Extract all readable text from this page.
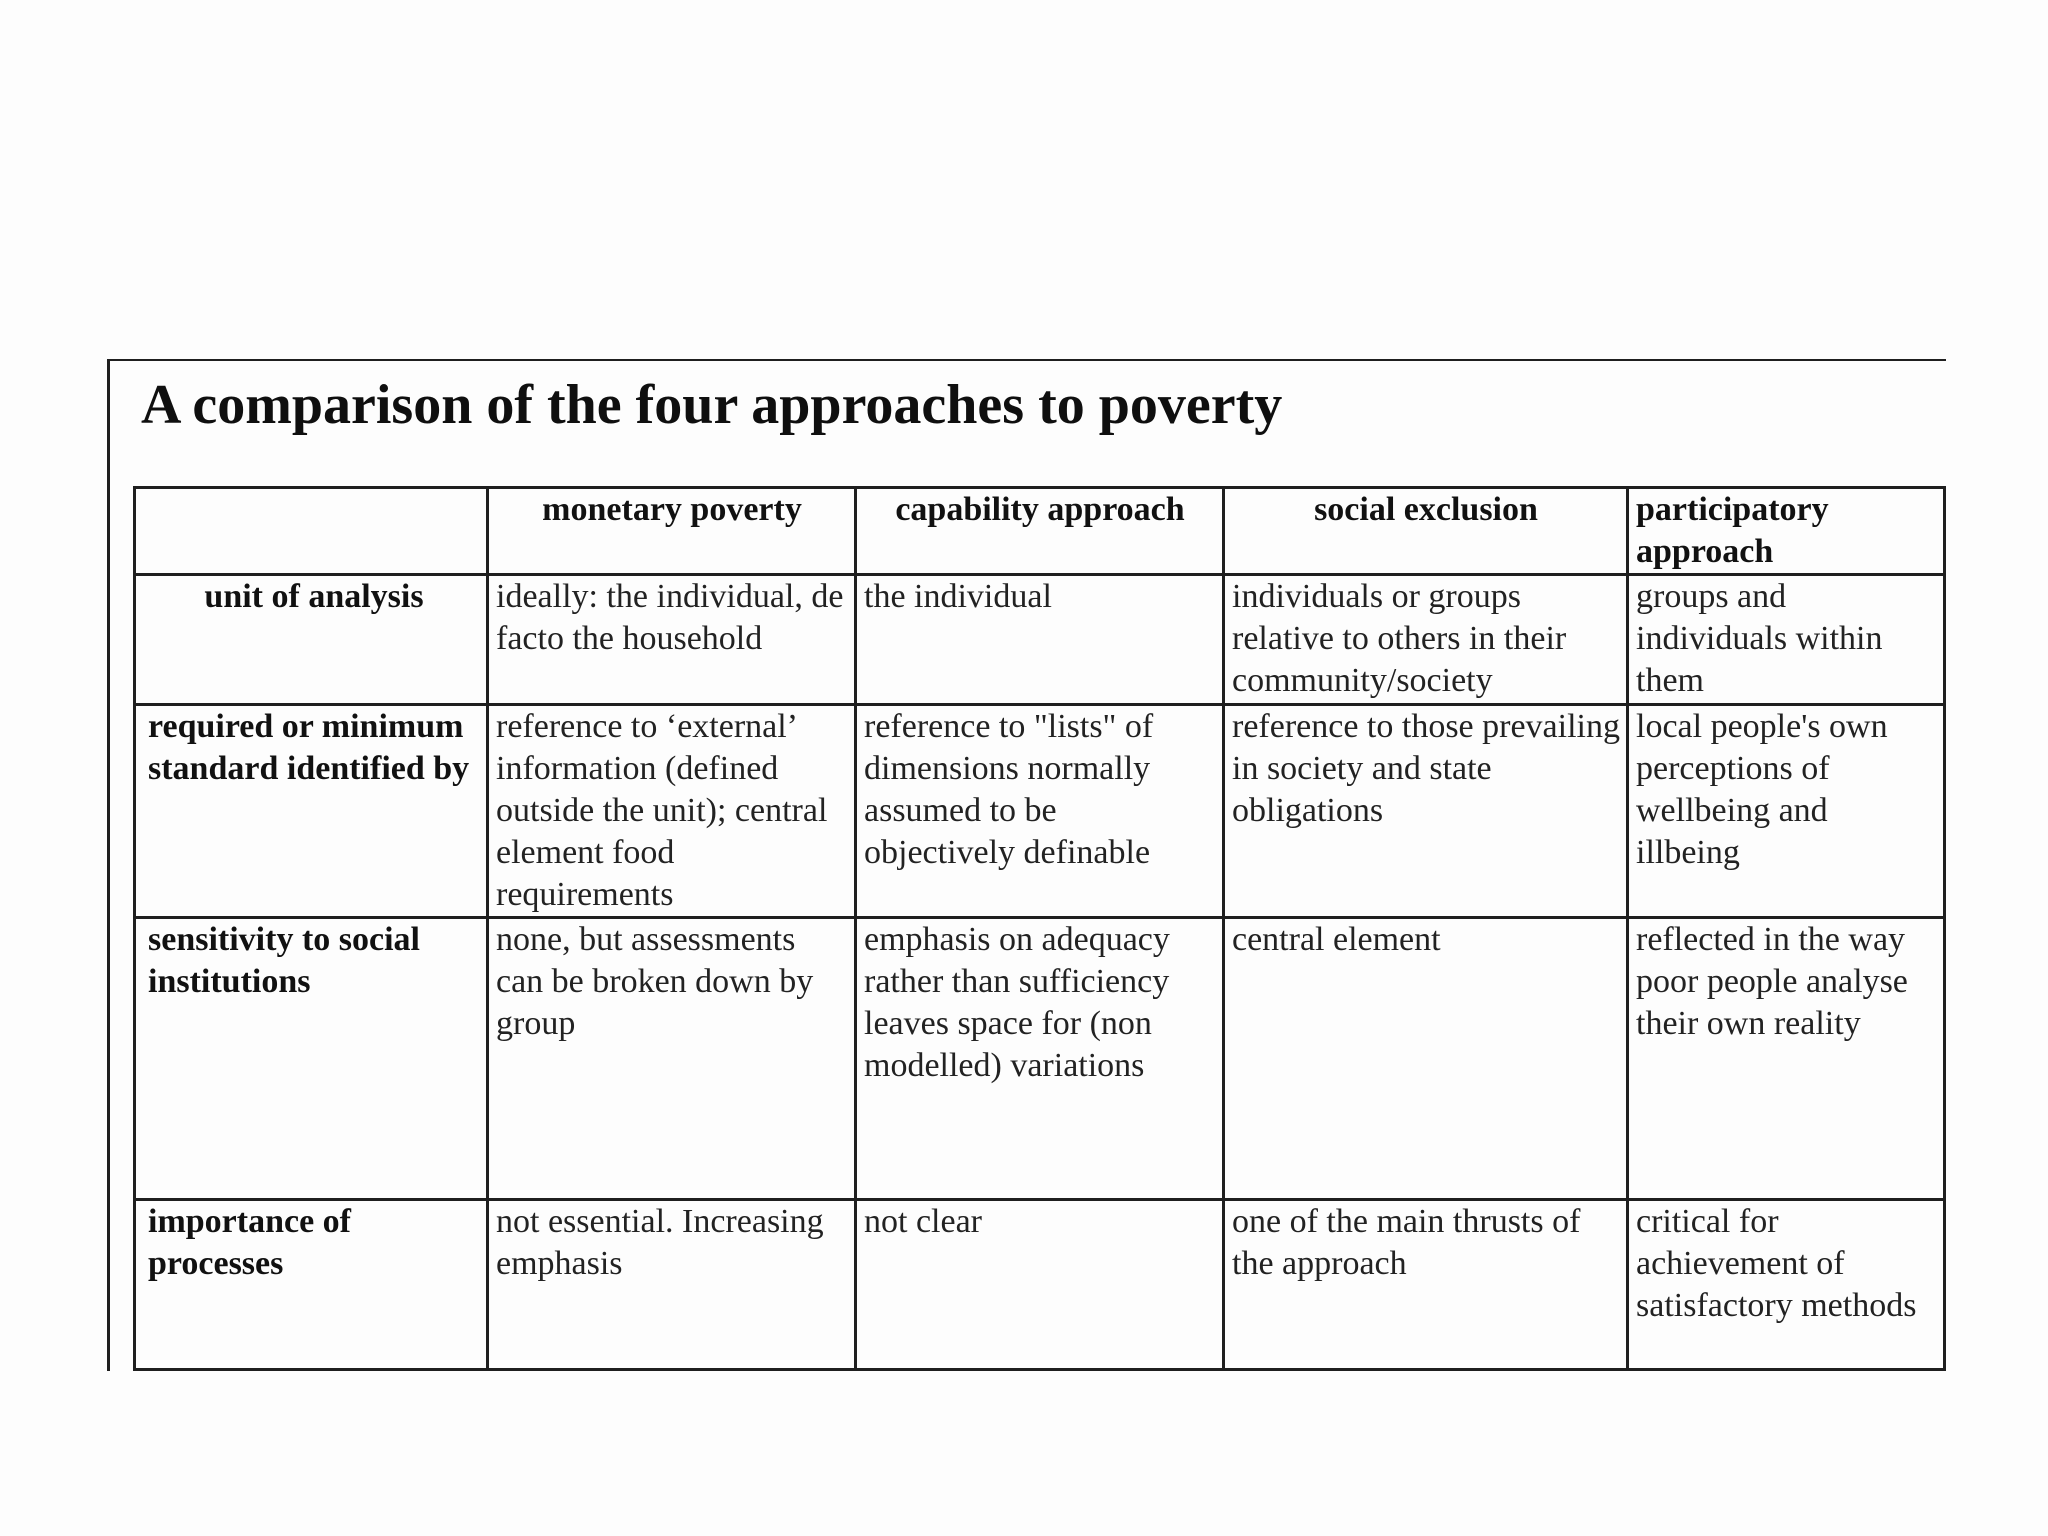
A comparison of the four approaches to poverty
	monetary poverty	capability approach	social exclusion	participatory approach
unit of analysis	ideally: the individual, de facto the household	the individual	individuals or groups relative to others in their community/society	groups and individuals within them
required or minimum standard identified by	reference to ‘external’ information (defined outside the unit); central element food requirements	reference to "lists" of dimensions normally assumed to be objectively definable	reference to those prevailing in society and state obligations	local people's own perceptions of wellbeing and illbeing
sensitivity to social institutions	none, but assessments can be broken down by group	emphasis on adequacy rather than sufficiency leaves space for (non modelled) variations	central element	reflected in the way poor people analyse their own reality
importance of processes	not essential. Increasing emphasis	not clear	one of the main thrusts of the approach	critical for achievement of satisfactory methods
